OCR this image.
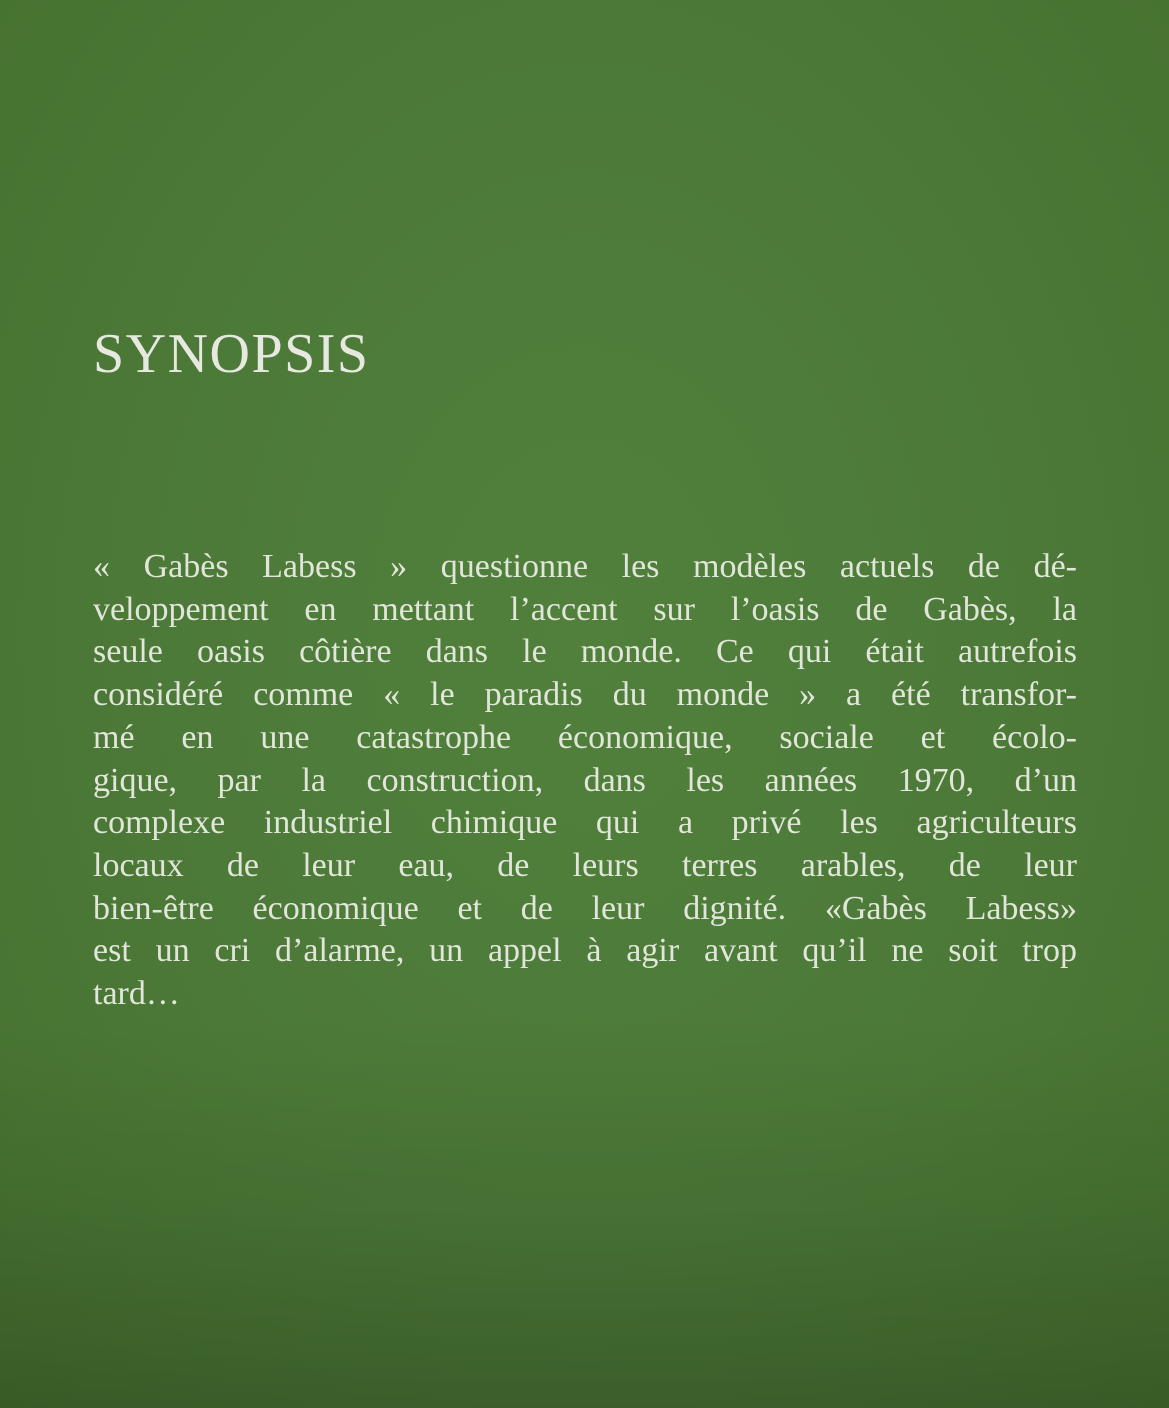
SYNOPSIS
« Gabès Labess » questionne les modèles actuels de dé-
veloppement en mettant l’accent sur l’oasis de Gabès, la
seule oasis côtière dans le monde. Ce qui était autrefois
considéré comme « le paradis du monde » a été transfor-
mé en une catastrophe économique, sociale et écolo-
gique, par la construction, dans les années 1970, d’un
complexe industriel chimique qui a privé les agriculteurs
locaux de leur eau, de leurs terres arables, de leur
bien-être économique et de leur dignité. «Gabès Labess»
est un cri d’alarme, un appel à agir avant qu’il ne soit trop
tard…
